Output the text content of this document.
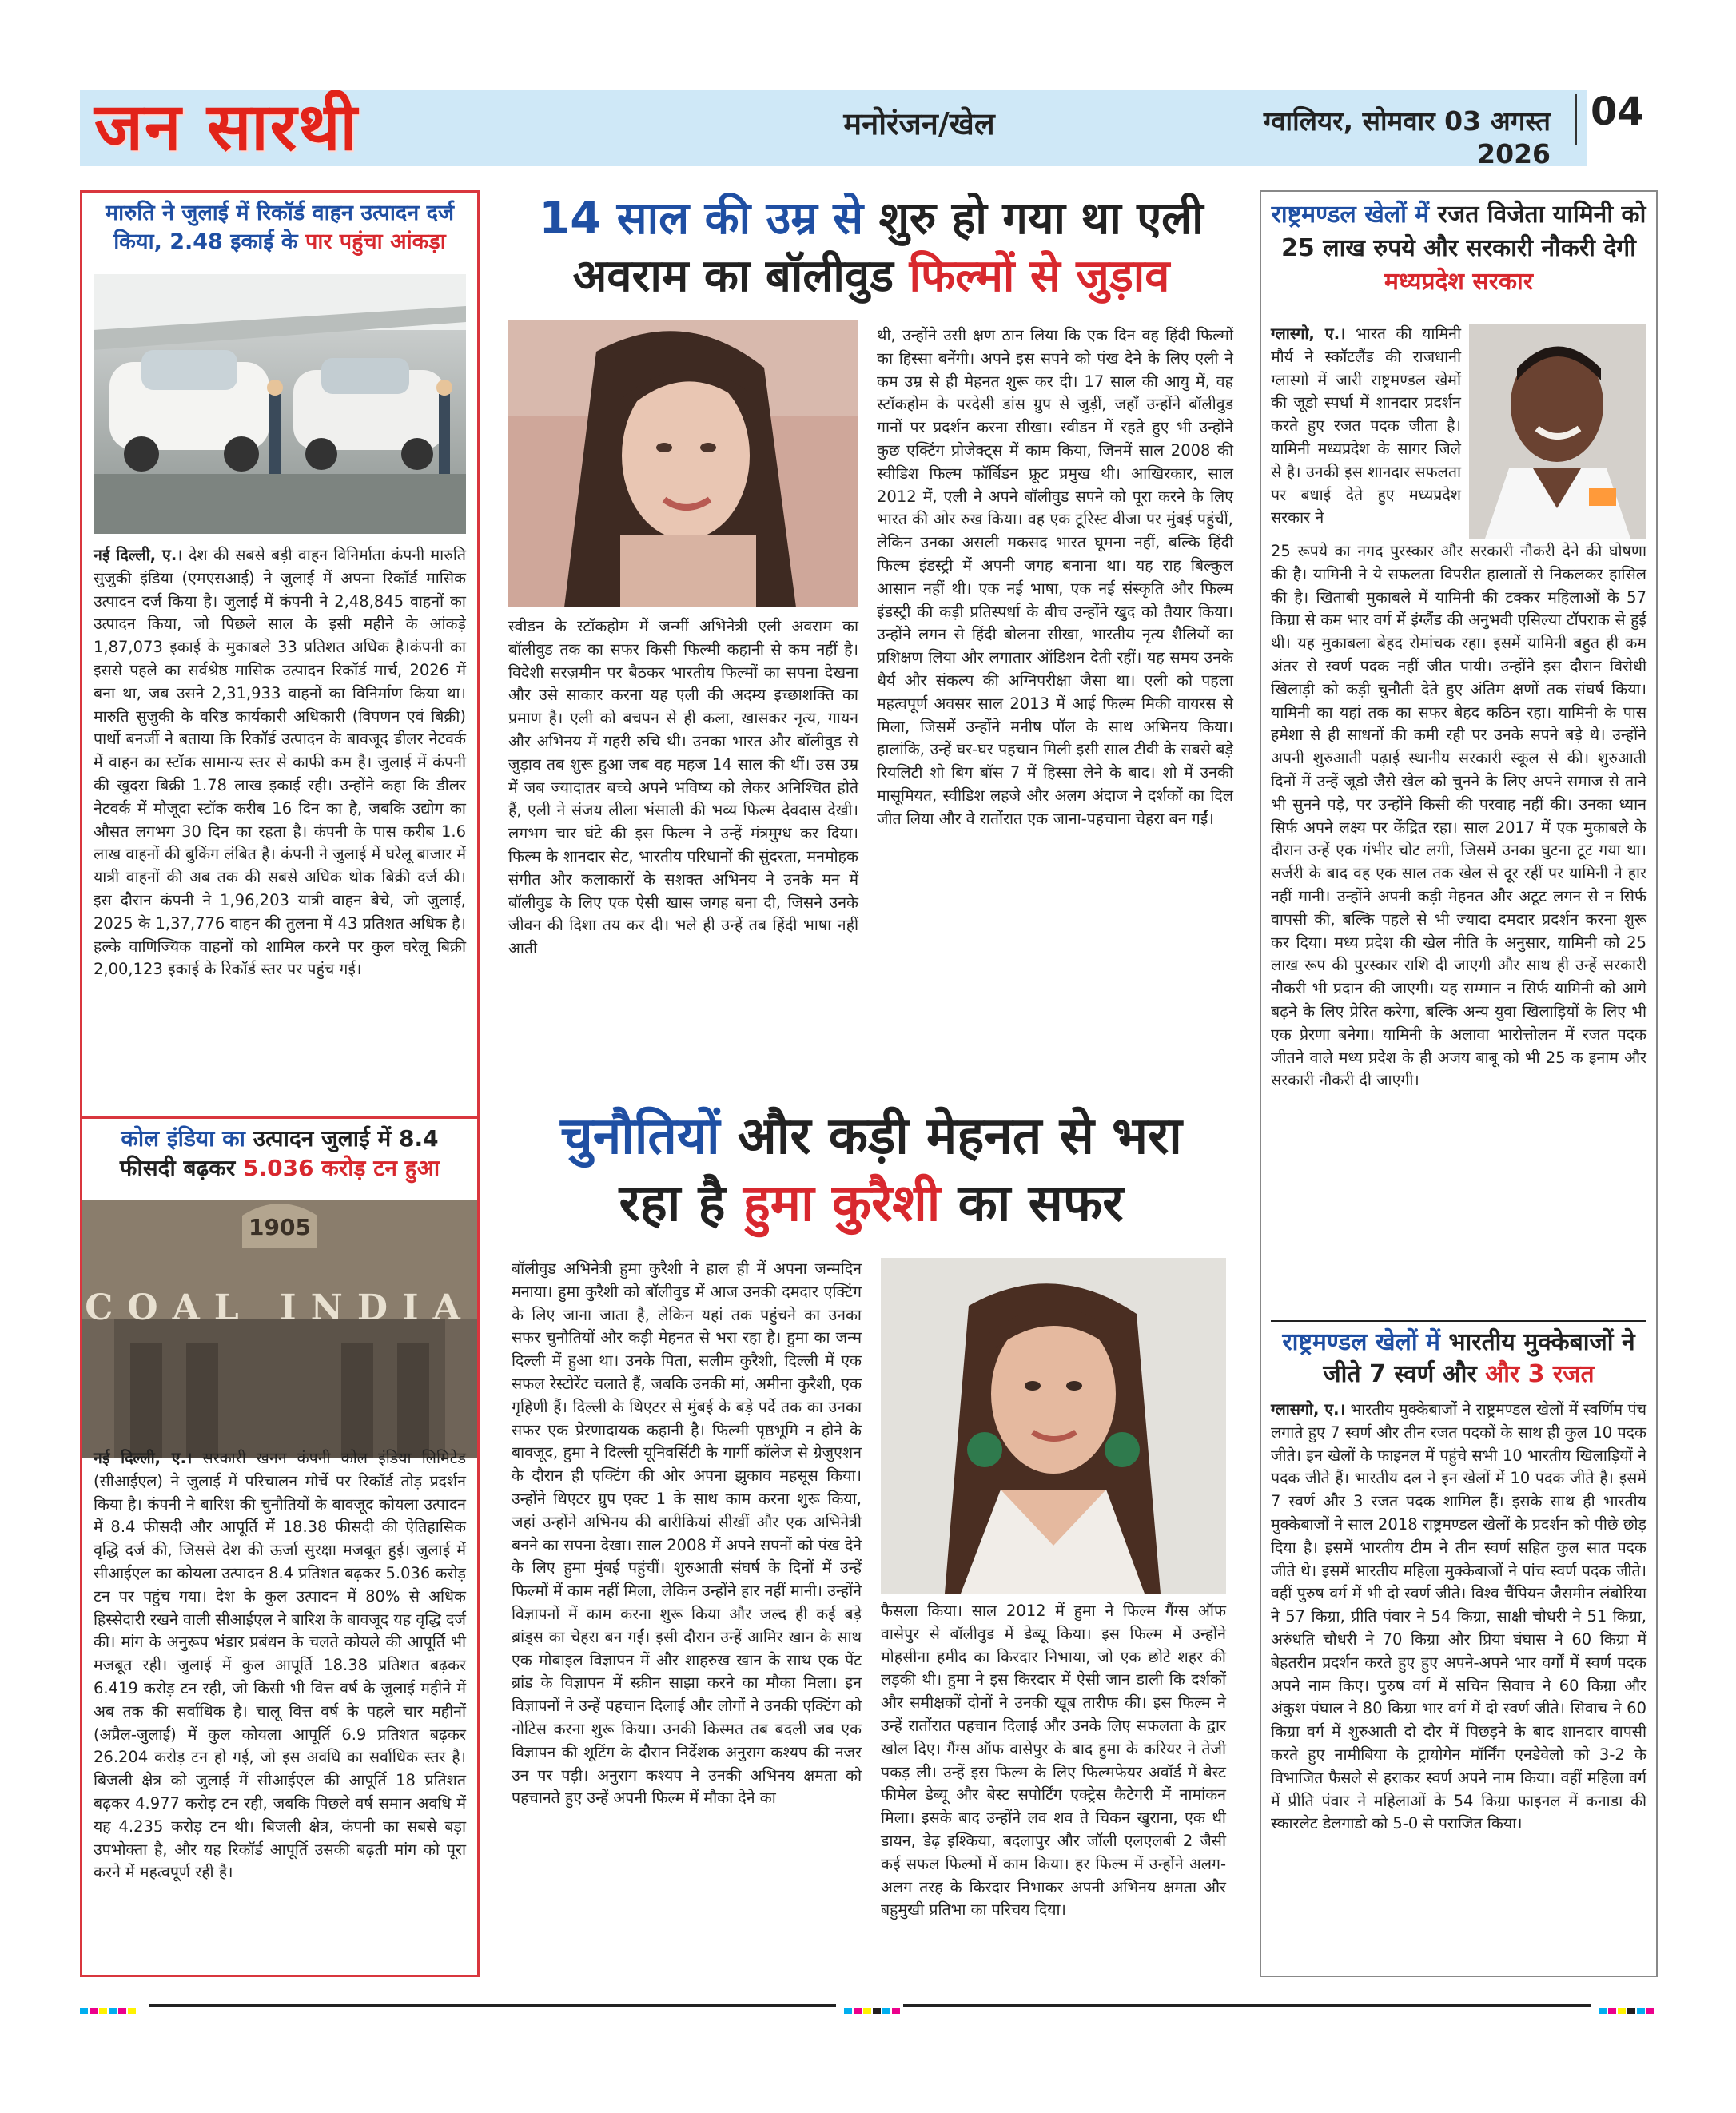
जन सारथी	मनोरंजन/खेल	ग्वालियर, सोमवार 03 अगस्त 2026
04
मारुति ने जुलाई में रिकॉर्ड वाहन उत्पादन दर्ज किया, 2.48 इकाई के पार पहुंचा आंकड़ा
नई दिल्ली, ए.। देश की सबसे बड़ी वाहन विनिर्माता कंपनी मारुति सुजुकी इंडिया (एमएसआई) ने जुलाई में अपना रिकॉर्ड मासिक उत्पादन दर्ज किया है। जुलाई में कंपनी ने 2,48,845 वाहनों का उत्पादन किया, जो पिछले साल के इसी महीने के आंकड़े 1,87,073 इकाई के मुकाबले 33 प्रतिशत अधिक है।कंपनी का इससे पहले का सर्वश्रेष्ठ मासिक उत्पादन रिकॉर्ड मार्च, 2026 में बना था, जब उसने 2,31,933 वाहनों का विनिर्माण किया था। मारुति सुजुकी के वरिष्ठ कार्यकारी अधिकारी (विपणन एवं बिक्री) पार्थो बनर्जी ने बताया कि रिकॉर्ड उत्पादन के बावजूद डीलर नेटवर्क में वाहन का स्टॉक सामान्य स्तर से काफी कम है। जुलाई में कंपनी की खुदरा बिक्री 1.78 लाख इकाई रही। उन्होंने कहा कि डीलर नेटवर्क में मौजूदा स्टॉक करीब 16 दिन का है, जबकि उद्योग का औसत लगभग 30 दिन का रहता है। कंपनी के पास करीब 1.6 लाख वाहनों की बुकिंग लंबित है। कंपनी ने जुलाई में घरेलू बाजार में यात्री वाहनों की अब तक की सबसे अधिक थोक बिक्री दर्ज की। इस दौरान कंपनी ने 1,96,203 यात्री वाहन बेचे, जो जुलाई, 2025 के 1,37,776 वाहन की तुलना में 43 प्रतिशत अधिक है। हल्के वाणिज्यिक वाहनों को शामिल करने पर कुल घरेलू बिक्री 2,00,123 इकाई के रिकॉर्ड स्तर पर पहुंच गई।
कोल इंडिया का उत्पादन जुलाई में 8.4 फीसदी बढ़कर 5.036 करोड़ टन हुआ
1905
COAL INDIA
नई दिल्ली, ए.। सरकारी खनन कंपनी कोल इंडिया लिमिटेड (सीआईएल) ने जुलाई में परिचालन मोर्चे पर रिकॉर्ड तोड़ प्रदर्शन किया है। कंपनी ने बारिश की चुनौतियों के बावजूद कोयला उत्पादन में 8.4 फीसदी और आपूर्ति में 18.38 फीसदी की ऐतिहासिक वृद्धि दर्ज की, जिससे देश की ऊर्जा सुरक्षा मजबूत हुई। जुलाई में सीआईएल का कोयला उत्पादन 8.4 प्रतिशत बढ़कर 5.036 करोड़ टन पर पहुंच गया। देश के कुल उत्पादन में 80% से अधिक हिस्सेदारी रखने वाली सीआईएल ने बारिश के बावजूद यह वृद्धि दर्ज की। मांग के अनुरूप भंडार प्रबंधन के चलते कोयले की आपूर्ति भी मजबूत रही। जुलाई में कुल आपूर्ति 18.38 प्रतिशत बढ़कर 6.419 करोड़ टन रही, जो किसी भी वित्त वर्ष के जुलाई महीने में अब तक की सर्वाधिक है। चालू वित्त वर्ष के पहले चार महीनों (अप्रैल-जुलाई) में कुल कोयला आपूर्ति 6.9 प्रतिशत बढ़कर 26.204 करोड़ टन हो गई, जो इस अवधि का सर्वाधिक स्तर है। बिजली क्षेत्र को जुलाई में सीआईएल की आपूर्ति 18 प्रतिशत बढ़कर 4.977 करोड़ टन रही, जबकि पिछले वर्ष समान अवधि में यह 4.235 करोड़ टन थी। बिजली क्षेत्र, कंपनी का सबसे बड़ा उपभोक्ता है, और यह रिकॉर्ड आपूर्ति उसकी बढ़ती मांग को पूरा करने में महत्वपूर्ण रही है।
14 साल की उम्र से शुरु हो गया था एली
अवराम का बॉलीवुड फिल्मों से जुड़ाव
स्वीडन के स्टॉकहोम में जन्मीं अभिनेत्री एली अवराम का बॉलीवुड तक का सफर किसी फिल्मी कहानी से कम नहीं है। विदेशी सरज़मीन पर बैठकर भारतीय फिल्मों का सपना देखना और उसे साकार करना यह एली की अदम्य इच्छाशक्ति का प्रमाण है। एली को बचपन से ही कला, खासकर नृत्य, गायन और अभिनय में गहरी रुचि थी। उनका भारत और बॉलीवुड से जुड़ाव तब शुरू हुआ जब वह महज 14 साल की थीं। उस उम्र में जब ज्यादातर बच्चे अपने भविष्य को लेकर अनिश्चित होते हैं, एली ने संजय लीला भंसाली की भव्य फिल्म देवदास देखी। लगभग चार घंटे की इस फिल्म ने उन्हें मंत्रमुग्ध कर दिया। फिल्म के शानदार सेट, भारतीय परिधानों की सुंदरता, मनमोहक संगीत और कलाकारों के सशक्त अभिनय ने उनके मन में बॉलीवुड के लिए एक ऐसी खास जगह बना दी, जिसने उनके जीवन की दिशा तय कर दी। भले ही उन्हें तब हिंदी भाषा नहीं आती
थी, उन्होंने उसी क्षण ठान लिया कि एक दिन वह हिंदी फिल्मों का हिस्सा बनेंगी। अपने इस सपने को पंख देने के लिए एली ने कम उम्र से ही मेहनत शुरू कर दी। 17 साल की आयु में, वह स्टॉकहोम के परदेसी डांस ग्रुप से जुड़ीं, जहाँ उन्होंने बॉलीवुड गानों पर प्रदर्शन करना सीखा। स्वीडन में रहते हुए भी उन्होंने कुछ एक्टिंग प्रोजेक्ट्स में काम किया, जिनमें साल 2008 की स्वीडिश फिल्म फॉर्बिडन फ्रूट प्रमुख थी। आखिरकार, साल 2012 में, एली ने अपने बॉलीवुड सपने को पूरा करने के लिए भारत की ओर रुख किया। वह एक टूरिस्ट वीजा पर मुंबई पहुंचीं, लेकिन उनका असली मकसद भारत घूमना नहीं, बल्कि हिंदी फिल्म इंडस्ट्री में अपनी जगह बनाना था। यह राह बिल्कुल आसान नहीं थी। एक नई भाषा, एक नई संस्कृति और फिल्म इंडस्ट्री की कड़ी प्रतिस्पर्धा के बीच उन्होंने खुद को तैयार किया। उन्होंने लगन से हिंदी बोलना सीखा, भारतीय नृत्य शैलियों का प्रशिक्षण लिया और लगातार ऑडिशन देती रहीं। यह समय उनके धैर्य और संकल्प की अग्निपरीक्षा जैसा था। एली को पहला महत्वपूर्ण अवसर साल 2013 में आई फिल्म मिकी वायरस से मिला, जिसमें उन्होंने मनीष पॉल के साथ अभिनय किया। हालांकि, उन्हें घर-घर पहचान मिली इसी साल टीवी के सबसे बड़े रियलिटी शो बिग बॉस 7 में हिस्सा लेने के बाद। शो में उनकी मासूमियत, स्वीडिश लहजे और अलग अंदाज ने दर्शकों का दिल जीत लिया और वे रातोंरात एक जाना-पहचाना चेहरा बन गईं।
चुनौतियों और कड़ी मेहनत से भरा
रहा है हुमा कुरैशी का सफर
बॉलीवुड अभिनेत्री हुमा कुरैशी ने हाल ही में अपना जन्मदिन मनाया। हुमा कुरैशी को बॉलीवुड में आज उनकी दमदार एक्टिंग के लिए जाना जाता है, लेकिन यहां तक पहुंचने का उनका सफर चुनौतियों और कड़ी मेहनत से भरा रहा है। हुमा का जन्म दिल्ली में हुआ था। उनके पिता, सलीम कुरैशी, दिल्ली में एक सफल रेस्टोरेंट चलाते हैं, जबकि उनकी मां, अमीना कुरैशी, एक गृहिणी हैं। दिल्ली के थिएटर से मुंबई के बड़े पर्दे तक का उनका सफर एक प्रेरणादायक कहानी है। फिल्मी पृष्ठभूमि न होने के बावजूद, हुमा ने दिल्ली यूनिवर्सिटी के गार्गी कॉलेज से ग्रेजुएशन के दौरान ही एक्टिंग की ओर अपना झुकाव महसूस किया। उन्होंने थिएटर ग्रुप एक्ट 1 के साथ काम करना शुरू किया, जहां उन्होंने अभिनय की बारीकियां सीखीं और एक अभिनेत्री बनने का सपना देखा। साल 2008 में अपने सपनों को पंख देने के लिए हुमा मुंबई पहुंचीं। शुरुआती संघर्ष के दिनों में उन्हें फिल्मों में काम नहीं मिला, लेकिन उन्होंने हार नहीं मानी। उन्होंने विज्ञापनों में काम करना शुरू किया और जल्द ही कई बड़े ब्रांड्स का चेहरा बन गईं। इसी दौरान उन्हें आमिर खान के साथ एक मोबाइल विज्ञापन में और शाहरुख खान के साथ एक पेंट ब्रांड के विज्ञापन में स्क्रीन साझा करने का मौका मिला। इन विज्ञापनों ने उन्हें पहचान दिलाई और लोगों ने उनकी एक्टिंग को नोटिस करना शुरू किया। उनकी किस्मत तब बदली जब एक विज्ञापन की शूटिंग के दौरान निर्देशक अनुराग कश्यप की नजर उन पर पड़ी। अनुराग कश्यप ने उनकी अभिनय क्षमता को पहचानते हुए उन्हें अपनी फिल्म में मौका देने का
फैसला किया। साल 2012 में हुमा ने फिल्म गैंग्स ऑफ वासेपुर से बॉलीवुड में डेब्यू किया। इस फिल्म में उन्होंने मोहसीना हमीद का किरदार निभाया, जो एक छोटे शहर की लड़की थी। हुमा ने इस किरदार में ऐसी जान डाली कि दर्शकों और समीक्षकों दोनों ने उनकी खूब तारीफ की। इस फिल्म ने उन्हें रातोंरात पहचान दिलाई और उनके लिए सफलता के द्वार खोल दिए। गैंग्स ऑफ वासेपुर के बाद हुमा के करियर ने तेजी पकड़ ली। उन्हें इस फिल्म के लिए फिल्मफेयर अवॉर्ड में बेस्ट फीमेल डेब्यू और बेस्ट सपोर्टिंग एक्ट्रेस कैटेगरी में नामांकन मिला। इसके बाद उन्होंने लव शव ते चिकन खुराना, एक थी डायन, डेढ़ इश्किया, बदलापुर और जॉली एलएलबी 2 जैसी कई सफल फिल्मों में काम किया। हर फिल्म में उन्होंने अलग-अलग तरह के किरदार निभाकर अपनी अभिनय क्षमता और बहुमुखी प्रतिभा का परिचय दिया।
राष्ट्रमण्डल खेलों में रजत विजेता यामिनी को 25 लाख रुपये और सरकारी नौकरी देगी मध्यप्रदेश सरकार
ग्लास्गो, ए.। भारत की यामिनी मौर्य ने स्कॉटलैंड की राजधानी ग्लास्गो में जारी राष्ट्रमण्डल खेमों की जूडो स्पर्धा में शानदार प्रदर्शन करते हुए रजत पदक जीता है। यामिनी मध्यप्रदेश के सागर जिले से है। उनकी इस शानदार सफलता पर बधाई देते हुए मध्यप्रदेश सरकार ने
25 रूपये का नगद पुरस्कार और सरकारी नौकरी देने की घोषणा की है। यामिनी ने ये सफलता विपरीत हालातों से निकलकर हासिल की है। खिताबी मुकाबले में यामिनी की टक्कर महिलाओं के 57 किग्रा से कम भार वर्ग में इंग्लैंड की अनुभवी एसिल्या टॉपराक से हुई थी। यह मुकाबला बेहद रोमांचक रहा। इसमें यामिनी बहुत ही कम अंतर से स्वर्ण पदक नहीं जीत पायी। उन्होंने इस दौरान विरोधी खिलाड़ी को कड़ी चुनौती देते हुए अंतिम क्षणों तक संघर्ष किया। यामिनी का यहां तक का सफर बेहद कठिन रहा। यामिनी के पास हमेशा से ही साधनों की कमी रही पर उनके सपने बड़े थे। उन्होंने अपनी शुरुआती पढ़ाई स्थानीय सरकारी स्कूल से की। शुरुआती दिनों में उन्हें जूडो जैसे खेल को चुनने के लिए अपने समाज से ताने भी सुनने पड़े, पर उन्होंने किसी की परवाह नहीं की। उनका ध्यान सिर्फ अपने लक्ष्य पर केंद्रित रहा। साल 2017 में एक मुकाबले के दौरान उन्हें एक गंभीर चोट लगी, जिसमें उनका घुटना टूट गया था। सर्जरी के बाद वह एक साल तक खेल से दूर रहीं पर यामिनी ने हार नहीं मानी। उन्होंने अपनी कड़ी मेहनत और अटूट लगन से न सिर्फ वापसी की, बल्कि पहले से भी ज्यादा दमदार प्रदर्शन करना शुरू कर दिया। मध्य प्रदेश की खेल नीति के अनुसार, यामिनी को 25 लाख रूप की पुरस्कार राशि दी जाएगी और साथ ही उन्हें सरकारी नौकरी भी प्रदान की जाएगी। यह सम्मान न सिर्फ यामिनी को आगे बढ़ने के लिए प्रेरित करेगा, बल्कि अन्य युवा खिलाड़ियों के लिए भी एक प्रेरणा बनेगा। यामिनी के अलावा भारोत्तोलन में रजत पदक जीतने वाले मध्य प्रदेश के ही अजय बाबू को भी 25 क इनाम और सरकारी नौकरी दी जाएगी।
राष्ट्रमण्डल खेलों में भारतीय मुक्केबाजों ने जीते 7 स्वर्ण और और 3 रजत
ग्लासगो, ए.। भारतीय मुक्केबाजों ने राष्ट्रमण्डल खेलों में स्वर्णिम पंच लगाते हुए 7 स्वर्ण और तीन रजत पदकों के साथ ही कुल 10 पदक जीते। इन खेलों के फाइनल में पहुंचे सभी 10 भारतीय खिलाड़ियों ने पदक जीते हैं। भारतीय दल ने इन खेलों में 10 पदक जीते है। इसमें 7 स्वर्ण और 3 रजत पदक शामिल हैं। इसके साथ ही भारतीय मुक्केबाजों ने साल 2018 राष्ट्रमण्डल खेलों के प्रदर्शन को पीछे छोड़ दिया है। इसमें भारतीय टीम ने तीन स्वर्ण सहित कुल सात पदक जीते थे। इसमें भारतीय महिला मुक्केबाजों ने पांच स्वर्ण पदक जीते। वहीं पुरुष वर्ग में भी दो स्वर्ण जीते। विश्व चैंपियन जैसमीन लंबोरिया ने 57 किग्रा, प्रीति पंवार ने 54 किग्रा, साक्षी चौधरी ने 51 किग्रा, अरुंधति चौधरी ने 70 किग्रा और प्रिया घंघास ने 60 किग्रा में बेहतरीन प्रदर्शन करते हुए हुए अपने-अपने भार वर्गों में स्वर्ण पदक अपने नाम किए। पुरुष वर्ग में सचिन सिवाच ने 60 किग्रा और अंकुश पंघाल ने 80 किग्रा भार वर्ग में दो स्वर्ण जीते। सिवाच ने 60 किग्रा वर्ग में शुरुआती दो दौर में पिछड़ने के बाद शानदार वापसी करते हुए नामीबिया के ट्रायोगेन मॉर्निंग एनडेवेलो को 3-2 के विभाजित फैसले से हराकर स्वर्ण अपने नाम किया। वहीं महिला वर्ग में प्रीति पंवार ने महिलाओं के 54 किग्रा फाइनल में कनाडा की स्कारलेट डेलगाडो को 5-0 से पराजित किया।
